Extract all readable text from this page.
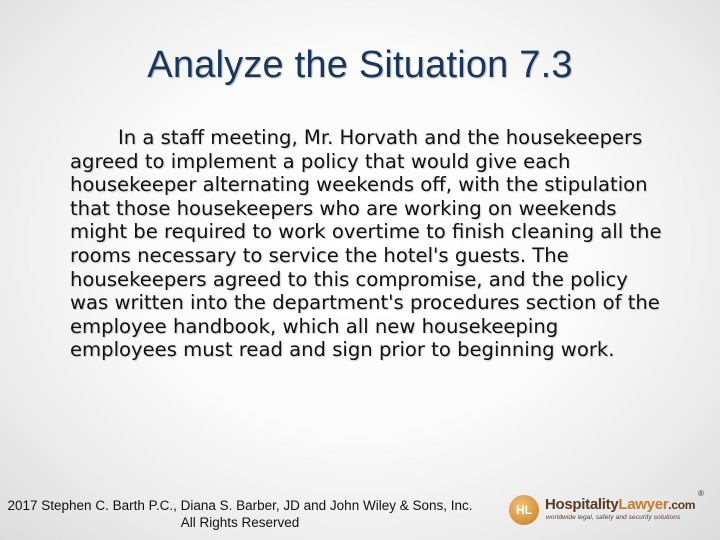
Analyze the Situation 7.3
In a staff meeting, Mr. Horvath and the housekeepers agreed to implement a policy that would give each housekeeper alternating weekends off, with the stipulation that those housekeepers who are working on weekends might be required to work overtime to finish cleaning all the rooms necessary to service the hotel's guests. The housekeepers agreed to this compromise, and the policy was written into the department's procedures section of the employee handbook, which all new housekeeping employees must read and sign prior to beginning work.
2017 Stephen C. Barth P.C., Diana S. Barber, JD and John Wiley & Sons, Inc.
All Rights Reserved
HL HospitalityLawyer.com
worldwide legal, safety and security solutions
®
